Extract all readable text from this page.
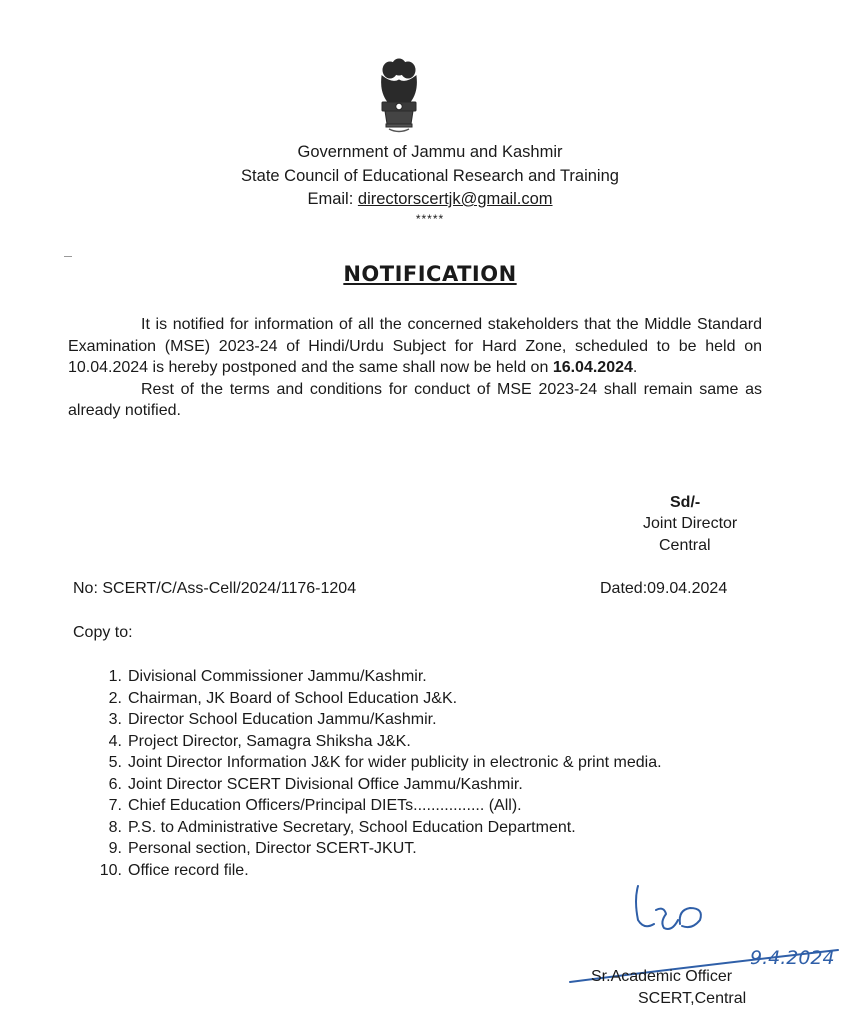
Government of Jammu and Kashmir
State Council of Educational Research and Training
Email: directorscertjk@gmail.com
*****
NOTIFICATION

It is notified for information of all the concerned stakeholders that the Middle Standard Examination (MSE) 2023-24 of Hindi/Urdu Subject for Hard Zone, scheduled to be held on 10.04.2024 is hereby postponed and the same shall now be held on 16.04.2024.

Rest of the terms and conditions for conduct of MSE 2023-24 shall remain same as already notified.

Sd/-
Joint Director
Central
No: SCERT/C/Ass-Cell/2024/1176-1204	Dated:09.04.2024
Copy to:
1. Divisional Commissioner Jammu/Kashmir.
2. Chairman, JK Board of School Education J&K.
3. Director School Education Jammu/Kashmir.
4. Project Director, Samagra Shiksha J&K.
5. Joint Director Information J&K for wider publicity in electronic & print media.
6. Joint Director SCERT Divisional Office Jammu/Kashmir.
7. Chief Education Officers/Principal DIETs................ (All).
8. P.S. to Administrative Secretary, School Education Department.
9. Personal section, Director SCERT-JKUT.
10. Office record file.
9.4.2024
Sr.Academic Officer
SCERT,Central
